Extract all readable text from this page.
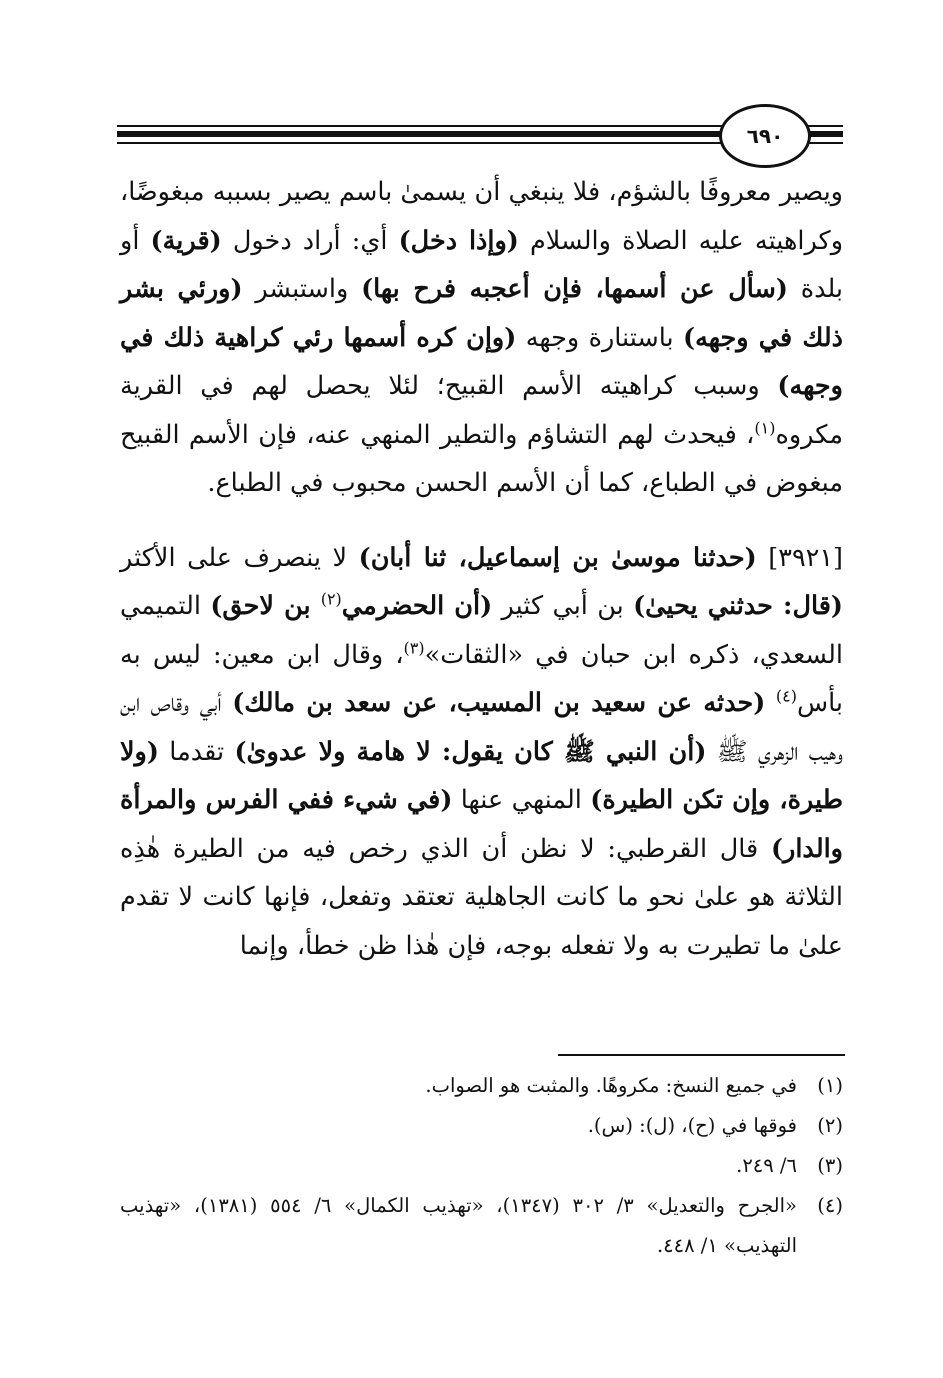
٦٩٠

ويصير معروفًا بالشؤم، فلا ينبغي أن يسمىٰ باسم يصير بسببه مبغوضًا، وكراهيته عليه الصلاة والسلام (وإذا دخل) أي: أراد دخول (قرية) أو بلدة (سأل عن أسمها، فإن أعجبه فرح بها) واستبشر (ورئي بشر ذلك في وجهه) باستنارة وجهه (وإن كره أسمها رئي كراهية ذلك في وجهه) وسبب كراهيته الأسم القبيح؛ لئلا يحصل لهم في القرية مكروه$^{(١)}$، فيحدث لهم التشاؤم والتطير المنهي عنه، فإن الأسم القبيح مبغوض في الطباع، كما أن الأسم الحسن محبوب في الطباع.

[٣٩٢١] (حدثنا موسىٰ بن إسماعيل، ثنا أبان) لا ينصرف على الأكثر (قال: حدثني يحيىٰ) بن أبي كثير (أن الحضرمي$^{(٢)}$ بن لاحق) التميمي السعدي، ذكره ابن حبان في «الثقات»$^{(٣)}$، وقال ابن معين: ليس به بأس$^{(٤)}$ (حدثه عن سعيد بن المسيب، عن سعد بن مالك) أبي وقاص ابن وهيب الزهري ﷺ (أن النبي ﷺ كان يقول: لا هامة ولا عدوىٰ) تقدما (ولا طيرة، وإن تكن الطيرة) المنهي عنها (في شيء ففي الفرس والمرأة والدار) قال القرطبي: لا نظن أن الذي رخص فيه من الطيرة هٰذِه الثلاثة هو علىٰ نحو ما كانت الجاهلية تعتقد وتفعل، فإنها كانت لا تقدم علىٰ ما تطيرت به ولا تفعله بوجه، فإن هٰذا ظن خطأ، وإنما

(١)
في جميع النسخ: مكروهًا. والمثبت هو الصواب.
(٢)
فوقها في (ح)، (ل): (س).
(٣)
٦/ ٢٤٩.
(٤)
«الجرح والتعديل» ٣/ ٣٠٢ (١٣٤٧)، «تهذيب الكمال» ٦/ ٥٥٤ (١٣٨١)، «تهذيب التهذيب» ١/ ٤٤٨.
